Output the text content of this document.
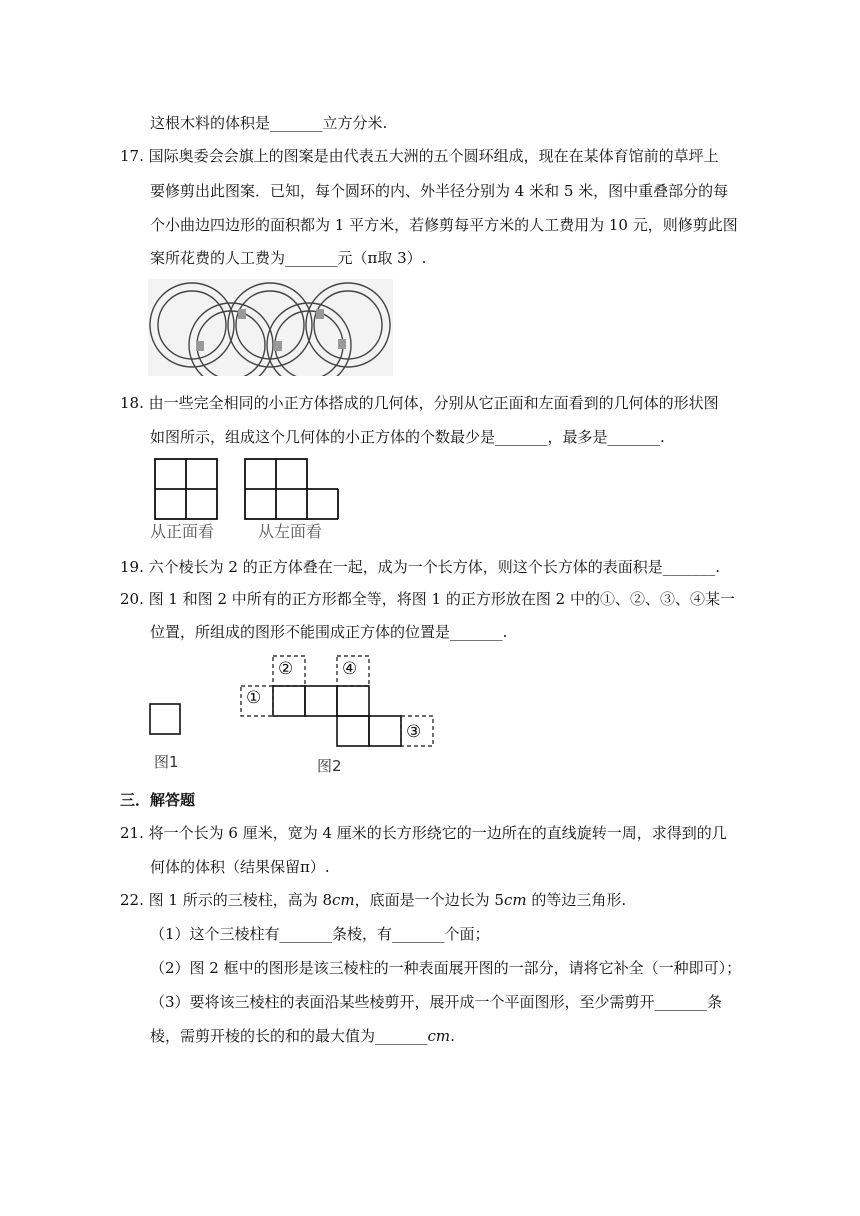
这根木料的体积是_______立方分米.
17. 国际奥委会会旗上的图案是由代表五大洲的五个圆环组成，现在在某体育馆前的草坪上
要修剪出此图案．已知，每个圆环的内、外半径分别为 4 米和 5 米，图中重叠部分的每
个小曲边四边形的面积都为 1 平方米，若修剪每平方米的人工费用为 10 元，则修剪此图
案所花费的人工费为_______元（π取 3）.
18. 由一些完全相同的小正方体搭成的几何体，分别从它正面和左面看到的几何体的形状图
如图所示，组成这个几何体的小正方体的个数最少是_______，最多是_______.
从正面看	从左面看
19. 六个棱长为 2 的正方体叠在一起，成为一个长方体，则这个长方体的表面积是_______.
20. 图 1 和图 2 中所有的正方形都全等，将图 1 的正方形放在图 2 中的①、②、③、④某一
位置，所组成的图形不能围成正方体的位置是_______.
①
②	④
③
图1	图2
三．解答题
21. 将一个长为 6 厘米，宽为 4 厘米的长方形绕它的一边所在的直线旋转一周，求得到的几
何体的体积（结果保留π）.
22. 图 1 所示的三棱柱，高为 8cm，底面是一个边长为 5cm 的等边三角形.
（1）这个三棱柱有_______条棱，有_______个面；
（2）图 2 框中的图形是该三棱柱的一种表面展开图的一部分，请将它补全（一种即可）；
（3）要将该三棱柱的表面沿某些棱剪开，展开成一个平面图形，至少需剪开_______条
棱，需剪开棱的长的和的最大值为_______cm.
